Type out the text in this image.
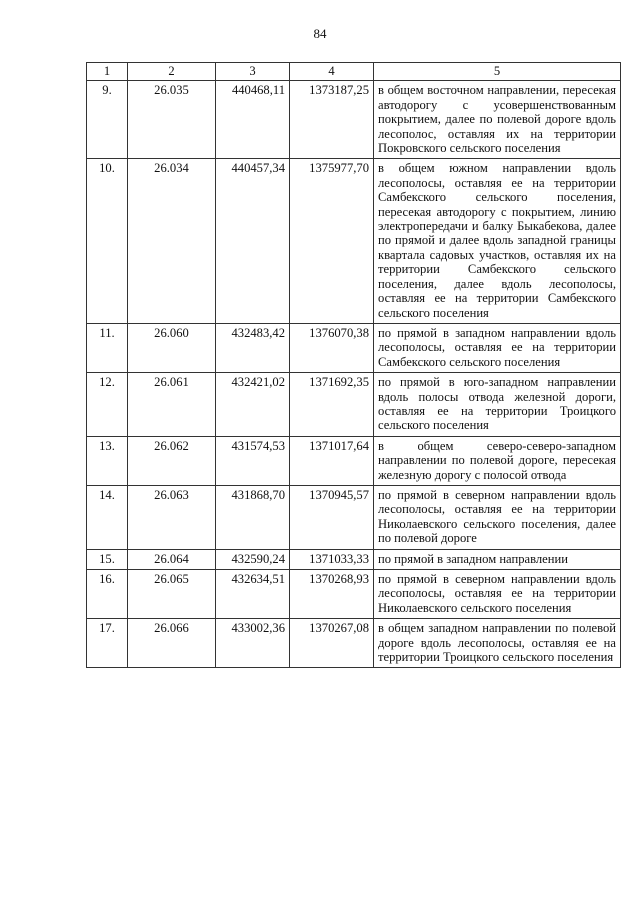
84
1	2	3	4	5
9.	26.035	440468,11	1373187,25	в общем восточном направлении, пересекая автодорогу с усовершенствованным покрытием, далее по полевой дороге вдоль лесополос, оставляя их на территории Покровского сельского поселения
10.	26.034	440457,34	1375977,70	в общем южном направлении вдоль лесополосы, оставляя ее на территории Самбекского сельского поселения, пересекая автодорогу с покрытием, линию электропередачи и балку Быкабекова, далее по прямой и далее вдоль западной границы квартала садовых участков, оставляя их на территории Самбекского сельского поселения, далее вдоль лесополосы, оставляя ее на территории Самбекского сельского поселения
11.	26.060	432483,42	1376070,38	по прямой в западном направлении вдоль лесополосы, оставляя ее на территории Самбекского сельского поселения
12.	26.061	432421,02	1371692,35	по прямой в юго-западном направлении вдоль полосы отвода железной дороги, оставляя ее на территории Троицкого сельского поселения
13.	26.062	431574,53	1371017,64	в общем северо-северо-западном направлении по полевой дороге, пересекая железную дорогу с полосой отвода
14.	26.063	431868,70	1370945,57	по прямой в северном направлении вдоль лесополосы, оставляя ее на территории Николаевского сельского поселения, далее по полевой дороге
15.	26.064	432590,24	1371033,33	по прямой в западном направлении
16.	26.065	432634,51	1370268,93	по прямой в северном направлении вдоль лесополосы, оставляя ее на территории Николаевского сельского поселения
17.	26.066	433002,36	1370267,08	в общем западном направлении по полевой дороге вдоль лесополосы, оставляя ее на территории Троицкого сельского поселения
